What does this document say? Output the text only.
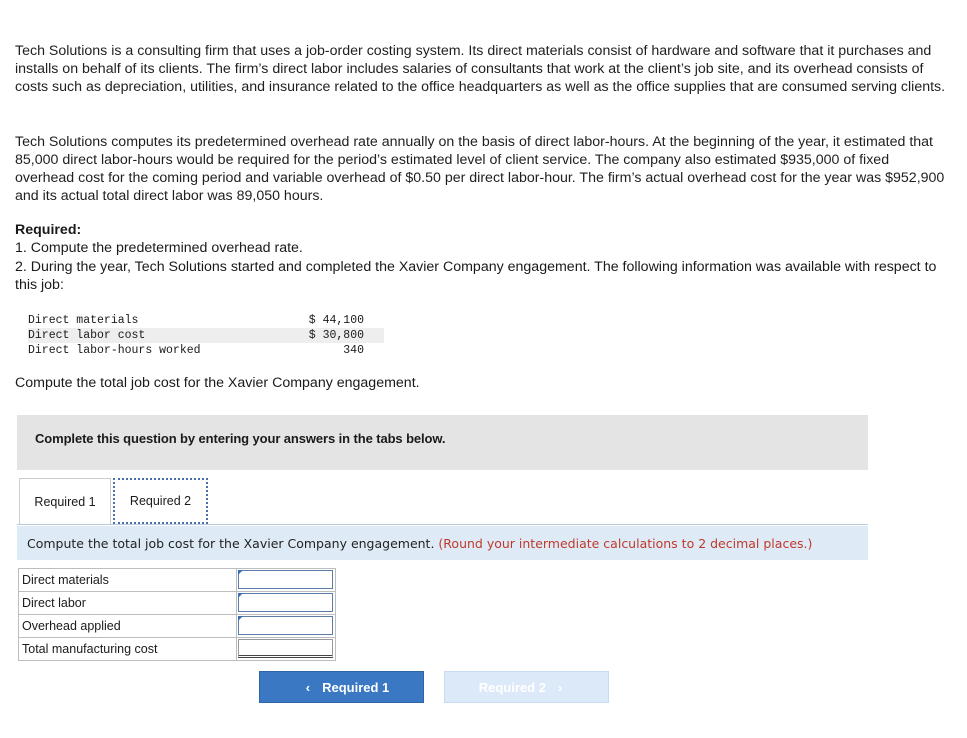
Tech Solutions is a consulting firm that uses a job-order costing system. Its direct materials consist of hardware and software that it purchases and installs on behalf of its clients. The firm’s direct labor includes salaries of consultants that work at the client’s job site, and its overhead consists of costs such as depreciation, utilities, and insurance related to the office headquarters as well as the office supplies that are consumed serving clients.
Tech Solutions computes its predetermined overhead rate annually on the basis of direct labor-hours. At the beginning of the year, it estimated that 85,000 direct labor-hours would be required for the period’s estimated level of client service. The company also estimated $935,000 of fixed overhead cost for the coming period and variable overhead of $0.50 per direct labor-hour. The firm’s actual overhead cost for the year was $952,900 and its actual total direct labor was 89,050 hours.
Required:
1. Compute the predetermined overhead rate.
2. During the year, Tech Solutions started and completed the Xavier Company engagement. The following information was available with respect to this job:
Direct materials	$ 44,100
Direct labor cost	$ 30,800
Direct labor-hours worked	340
Compute the total job cost for the Xavier Company engagement.
Complete this question by entering your answers in the tabs below.
Required 1	Required 2
Compute the total job cost for the Xavier Company engagement. (Round your intermediate calculations to 2 decimal places.)
Direct materials	

Direct labor	

Overhead applied	

Total manufacturing cost	
‹ Required 1	Required 2 ›
